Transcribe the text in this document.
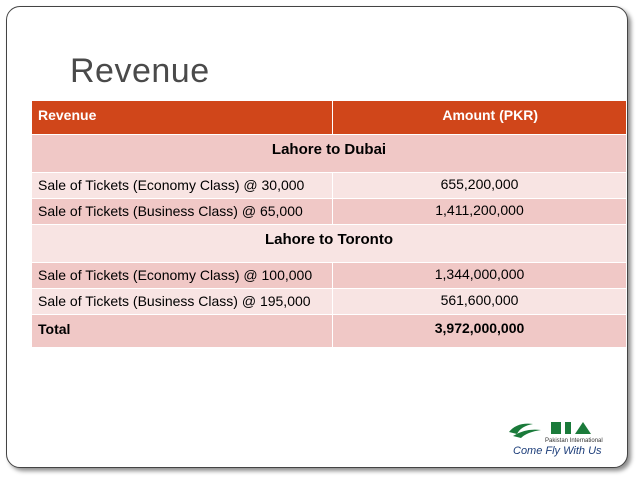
Revenue
Revenue	Amount (PKR)
Lahore to Dubai	
Sale of Tickets (Economy Class) @ 30,000	655,200,000
Sale of Tickets (Business Class) @ 65,000	1,411,200,000
Lahore to Toronto	
Sale of Tickets (Economy Class) @ 100,000	1,344,000,000
Sale of Tickets (Business Class) @ 195,000	561,600,000
Total	3,972,000,000
Pakistan International
Come Fly With Us
